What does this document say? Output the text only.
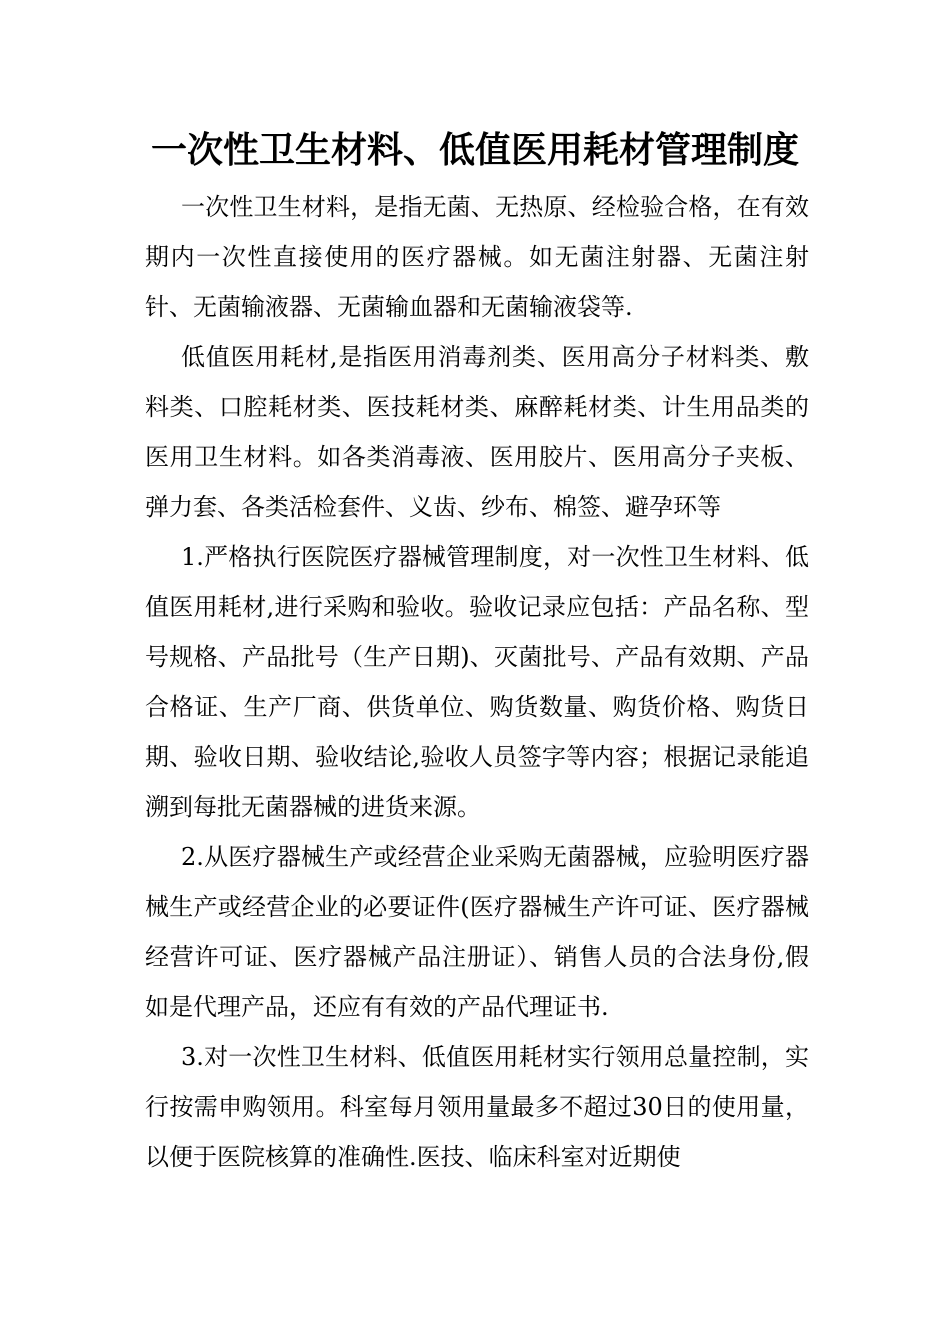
一次性卫生材料、低值医用耗材管理制度

一次性卫生材料，是指无菌、无热原、经检验合格，在有效期内一次性直接使用的医疗器械。如无菌注射器、无菌注射针、无菌输液器、无菌输血器和无菌输液袋等.

低值医用耗材,是指医用消毒剂类、医用高分子材料类、敷料类、口腔耗材类、医技耗材类、麻醉耗材类、计生用品类的医用卫生材料。如各类消毒液、医用胶片、医用高分子夹板、弹力套、各类活检套件、义齿、纱布、棉签、避孕环等

1.严格执行医院医疗器械管理制度，对一次性卫生材料、低值医用耗材,进行采购和验收。验收记录应包括：产品名称、型号规格、产品批号（生产日期)、灭菌批号、产品有效期、产品合格证、生产厂商、供货单位、购货数量、购货价格、购货日期、验收日期、验收结论,验收人员签字等内容；根据记录能追溯到每批无菌器械的进货来源。

2.从医疗器械生产或经营企业采购无菌器械，应验明医疗器械生产或经营企业的必要证件(医疗器械生产许可证、医疗器械经营许可证、医疗器械产品注册证）、销售人员的合法身份,假如是代理产品，还应有有效的产品代理证书.

3.对一次性卫生材料、低值医用耗材实行领用总量控制，实行按需申购领用。科室每月领用量最多不超过30日的使用量，以便于医院核算的准确性.医技、临床科室对近期使
